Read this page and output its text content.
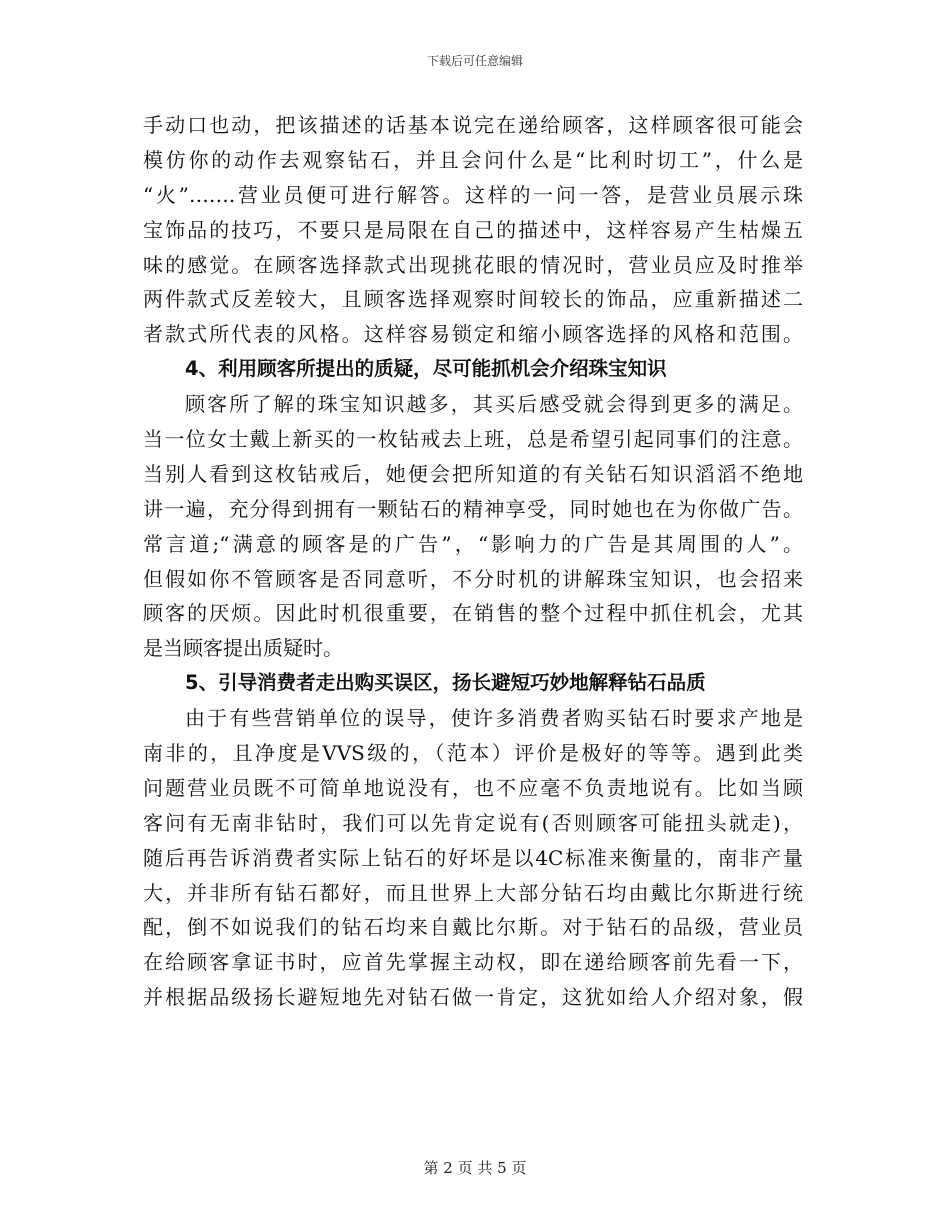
下载后可任意编辑
手动口也动，把该描述的话基本说完在递给顾客，这样顾客很可能会
模仿你的动作去观察钻石，并且会问什么是“比利时切工”，什么是
“火”…….营业员便可进行解答。这样的一问一答，是营业员展示珠
宝饰品的技巧，不要只是局限在自己的描述中，这样容易产生枯燥五
味的感觉。在顾客选择款式出现挑花眼的情况时，营业员应及时推举
两件款式反差较大，且顾客选择观察时间较长的饰品，应重新描述二
者款式所代表的风格。这样容易锁定和缩小顾客选择的风格和范围。
4、利用顾客所提出的质疑，尽可能抓机会介绍珠宝知识
顾客所了解的珠宝知识越多，其买后感受就会得到更多的满足。
当一位女士戴上新买的一枚钻戒去上班，总是希望引起同事们的注意。
当别人看到这枚钻戒后，她便会把所知道的有关钻石知识滔滔不绝地
讲一遍，充分得到拥有一颗钻石的精神享受，同时她也在为你做广告。
常言道;“满意的顾客是的广告”，“影响力的广告是其周围的人”。
但假如你不管顾客是否同意听，不分时机的讲解珠宝知识，也会招来
顾客的厌烦。因此时机很重要，在销售的整个过程中抓住机会，尤其
是当顾客提出质疑时。
5、引导消费者走出购买误区，扬长避短巧妙地解释钻石品质
由于有些营销单位的误导，使许多消费者购买钻石时要求产地是
南非的，且净度是VVS级的，（范本）评价是极好的等等。遇到此类
问题营业员既不可简单地说没有，也不应毫不负责地说有。比如当顾
客问有无南非钻时，我们可以先肯定说有(否则顾客可能扭头就走)，
随后再告诉消费者实际上钻石的好坏是以4C标准来衡量的，南非产量
大，并非所有钻石都好，而且世界上大部分钻石均由戴比尔斯进行统
配，倒不如说我们的钻石均来自戴比尔斯。对于钻石的品级，营业员
在给顾客拿证书时，应首先掌握主动权，即在递给顾客前先看一下，
并根据品级扬长避短地先对钻石做一肯定，这犹如给人介绍对象，假
第 2 页 共 5 页
